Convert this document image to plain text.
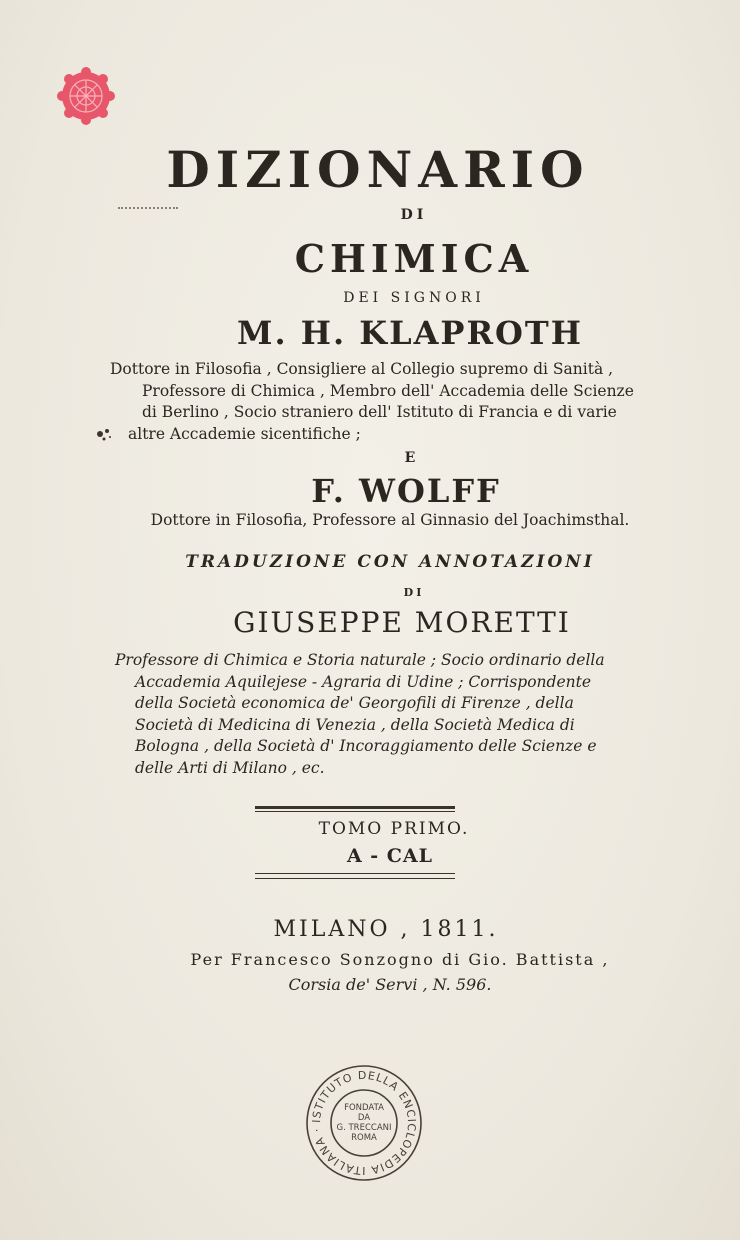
DIZIONARIO
DI
CHIMICA
DEI SIGNORI
M. H. KLAPROTH
Dottore in Filosofia , Consigliere al Collegio supremo di Sanità ,
Professore di Chimica , Membro dell' Accademia delle Scienze
di Berlino , Socio straniero dell' Istituto di Francia e di varie
altre Accademie sicentifiche ;
E
F. WOLFF
Dottore in Filosofia, Professore al Ginnasio del Joachimsthal.
TRADUZIONE CON ANNOTAZIONI
DI
GIUSEPPE MORETTI
Professore di Chimica e Storia naturale ; Socio ordinario della
Accademia Aquilejese - Agraria di Udine ; Corrispondente
della Società economica de' Georgofili di Firenze , della
Società di Medicina di Venezia , della Società Medica di
Bologna , della Società d' Incoraggiamento delle Scienze e
delle Arti di Milano , ec.
TOMO PRIMO.
A - CAL
MILANO , 1811.
Per Francesco Sonzogno di Gio. Battista ,
Corsia de' Servi , N. 596.
ISTITUTO DELLA ENCICLOPEDIA ITALIANA ·
FONDATA
DA
G. TRECCANI
ROMA
